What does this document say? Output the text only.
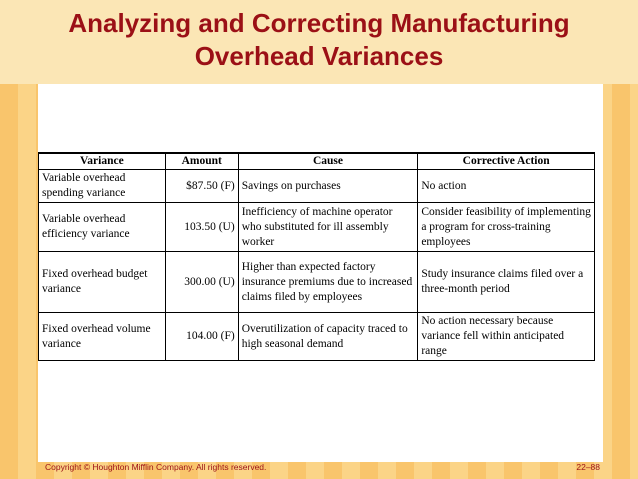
Analyzing and Correcting Manufacturing
Overhead Variances
Variance	Amount	Cause	Corrective Action
Variable overhead spending variance	$87.50 (F)	Savings on purchases	No action
Variable overhead efficiency variance	103.50 (U)	Inefficiency of machine operator who substituted for ill assembly worker	Consider feasibility of implementing a program for cross-training employees
Fixed overhead budget variance	300.00 (U)	Higher than expected factory insurance premiums due to increased claims filed by employees	Study insurance claims filed over a three-month period
Fixed overhead volume variance	104.00 (F)	Overutilization of capacity traced to high seasonal demand	No action necessary because variance fell within anticipated range
Copyright © Houghton Mifflin Company. All rights reserved.	22–88
